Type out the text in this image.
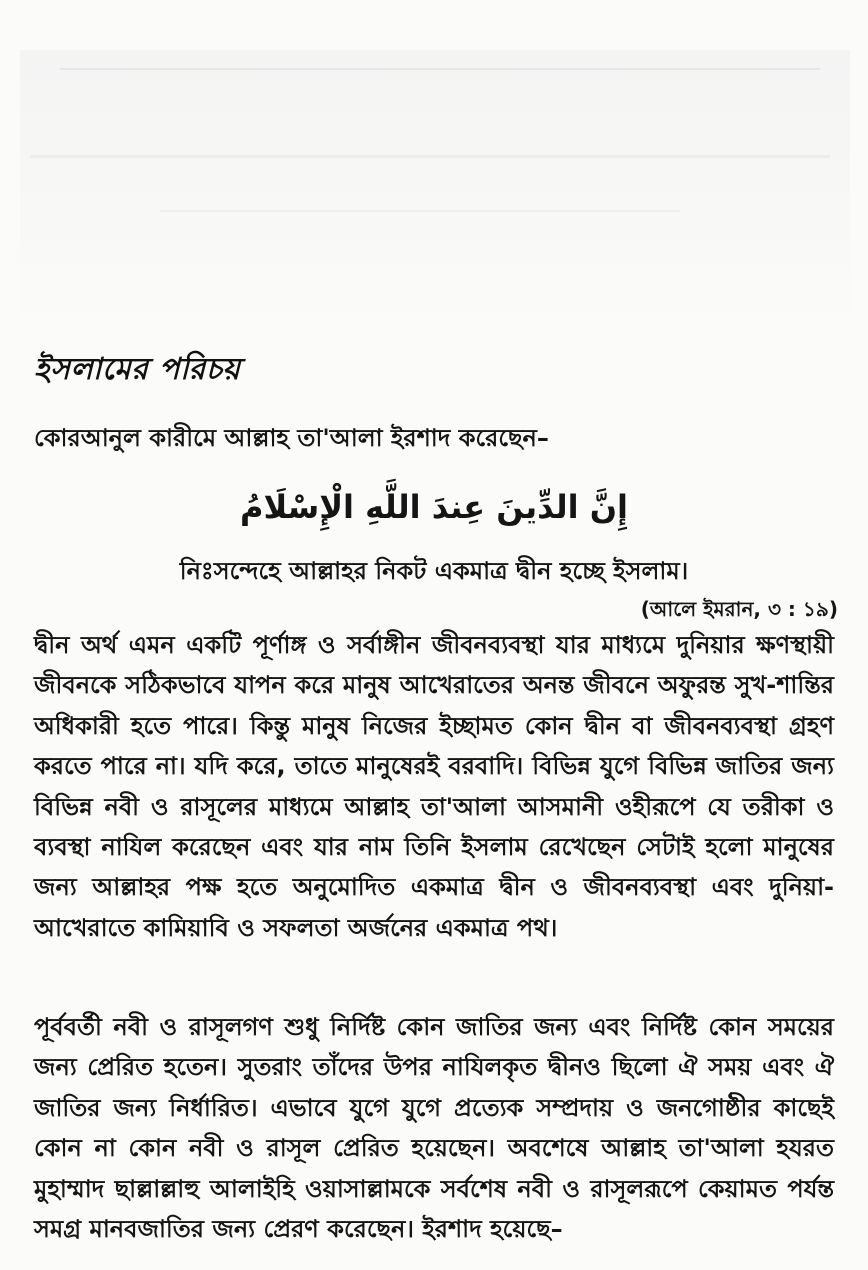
ইসলামের পরিচয়
কোরআনুল কারীমে আল্লাহ তা'আলা ইরশাদ করেছেন–
إِنَّ الدِّينَ عِندَ اللَّهِ الْإِسْلَامُ
নিঃসন্দেহে আল্লাহর নিকট একমাত্র দ্বীন হচ্ছে ইসলাম।
(আলে ইমরান, ৩ : ১৯)

দ্বীন অর্থ এমন একটি পূর্ণাঙ্গ ও সর্বাঙ্গীন জীবনব্যবস্থা যার মাধ্যমে দুনিয়ার ক্ষণস্থায়ী জীবনকে সঠিকভাবে যাপন করে মানুষ আখেরাতের অনন্ত জীবনে অফুরন্ত সুখ-শান্তির অধিকারী হতে পারে। কিন্তু মানুষ নিজের ইচ্ছামত কোন দ্বীন বা জীবনব্যবস্থা গ্রহণ করতে পারে না। যদি করে, তাতে মানুষেরই বরবাদি। বিভিন্ন যুগে বিভিন্ন জাতির জন্য বিভিন্ন নবী ও রাসূলের মাধ্যমে আল্লাহ তা'আলা আসমানী ওহীরূপে যে তরীকা ও ব্যবস্থা নাযিল করেছেন এবং যার নাম তিনি ইসলাম রেখেছেন সেটাই হলো মানুষের জন্য আল্লাহর পক্ষ হতে অনুমোদিত একমাত্র দ্বীন ও জীবনব্যবস্থা এবং দুনিয়া-আখেরাতে কামিয়াবি ও সফলতা অর্জনের একমাত্র পথ।

পূর্ববর্তী নবী ও রাসূলগণ শুধু নির্দিষ্ট কোন জাতির জন্য এবং নির্দিষ্ট কোন সময়ের জন্য প্রেরিত হতেন। সুতরাং তাঁদের উপর নাযিলকৃত দ্বীনও ছিলো ঐ সময় এবং ঐ জাতির জন্য নির্ধারিত। এভাবে যুগে যুগে প্রত্যেক সম্প্রদায় ও জনগোষ্ঠীর কাছেই কোন না কোন নবী ও রাসূল প্রেরিত হয়েছেন। অবশেষে আল্লাহ তা'আলা হযরত মুহাম্মাদ ছাল্লাল্লাহু আলাইহি ওয়াসাল্লামকে সর্বশেষ নবী ও রাসূলরূপে কেয়ামত পর্যন্ত সমগ্র মানবজাতির জন্য প্রেরণ করেছেন। ইরশাদ হয়েছে–
